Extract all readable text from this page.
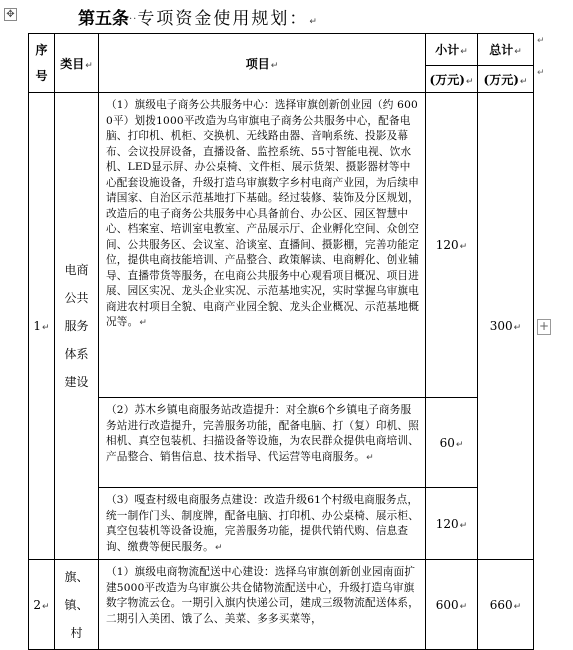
✥	第五条··专项资金使用规划：↵
序号	类目↵	项目↵	小计↵	总计↵
			(万元)↵	(万元)↵
1↵	电商公共服务体系建设	（1）旗级电子商务公共服务中心：选择审旗创新创业园（约 6000平）划拨1000平改造为乌审旗电子商务公共服务中心，配备电脑、打印机、机柜、交换机、无线路由器、音响系统、投影及幕布、会议投屏设备，直播设备、监控系统、55寸智能电视、饮水机、LED显示屏、办公桌椅、文件柜、展示货架、摄影器材等中心配套设施设备，升级打造乌审旗数字乡村电商产业园，为后续申请国家、自治区示范基地打下基础。经过装修、装饰及分区规划，改造后的电子商务公共服务中心具备前台、办公区、园区智慧中心、档案室、培训室电教室、产品展示厅、企业孵化空间、众创空间、公共服务区、会议室、洽谈室、直播间、摄影棚，完善功能定位，提供电商技能培训、产品整合、政策解读、电商孵化、创业辅导、直播带货等服务，在电商公共服务中心观看项目概况、项目进展、园区实况、龙头企业实况、示范基地实况，实时掌握乌审旗电商进农村项目全貌、电商产业园全貌、龙头企业概况、示范基地概况等。↵	120↵	300↵
		（2）苏木乡镇电商服务站改造提升：对全旗6个乡镇电子商务服务站进行改造提升，完善服务功能，配备电脑、打（复）印机、照相机、真空包装机、扫描设备等设施，为农民群众提供电商培训、产品整合、销售信息、技术指导、代运营等电商服务。↵	60↵	
		（3）嘎查村级电商服务点建设：改造升级61个村级电商服务点，统一制作门头、制度牌，配备电脑、打印机、办公桌椅、展示柜、真空包装机等设备设施，完善服务功能，提供代销代购、信息查询、缴费等便民服务。↵	120↵	
2↵	旗、镇、村	（1）旗级电商物流配送中心建设：选择乌审旗创新创业园南面扩建5000平改造为乌审旗公共仓储物流配送中心，升级打造乌审旗数字物流云仓。一期引入旗内快递公司，建成三级物流配送体系，二期引入美团、饿了么、美菜、多多买菜等，	600↵	660↵
↵
↵
+
